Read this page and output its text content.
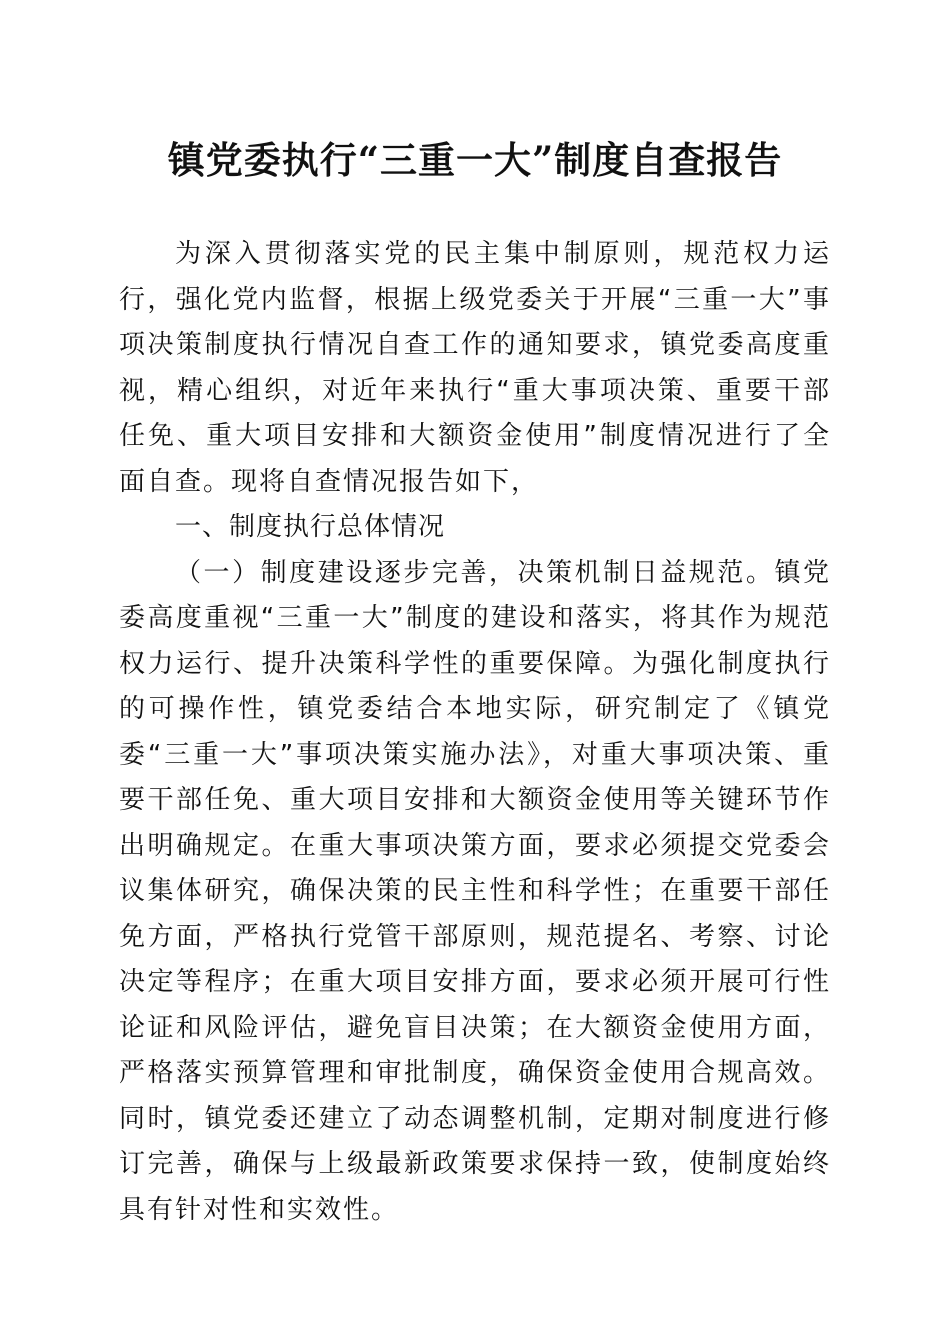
镇党委执行“三重一大”制度自查报告

为深入贯彻落实党的民主集中制原则，规范权力运行，强化党内监督，根据上级党委关于开展“三重一大”事项决策制度执行情况自查工作的通知要求，镇党委高度重视，精心组织，对近年来执行“重大事项决策、重要干部任免、重大项目安排和大额资金使用”制度情况进行了全面自查。现将自查情况报告如下，

一、制度执行总体情况

（一）制度建设逐步完善，决策机制日益规范。镇党委高度重视“三重一大”制度的建设和落实，将其作为规范权力运行、提升决策科学性的重要保障。为强化制度执行的可操作性，镇党委结合本地实际，研究制定了《镇党委“三重一大”事项决策实施办法》，对重大事项决策、重要干部任免、重大项目安排和大额资金使用等关键环节作出明确规定。在重大事项决策方面，要求必须提交党委会议集体研究，确保决策的民主性和科学性；在重要干部任免方面，严格执行党管干部原则，规范提名、考察、讨论决定等程序；在重大项目安排方面，要求必须开展可行性论证和风险评估，避免盲目决策；在大额资金使用方面，严格落实预算管理和审批制度，确保资金使用合规高效。同时，镇党委还建立了动态调整机制，定期对制度进行修订完善，确保与上级最新政策要求保持一致，使制度始终具有针对性和实效性。
